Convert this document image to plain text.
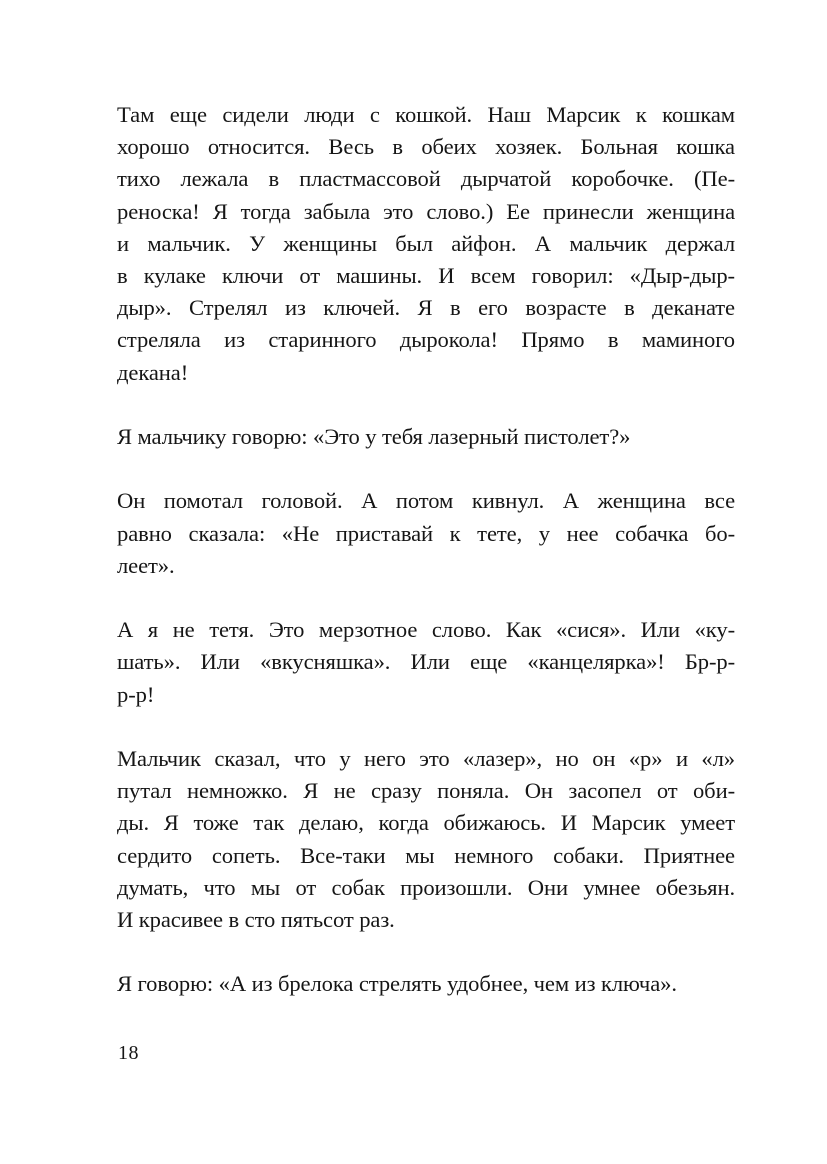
Там еще сидели люди с кошкой. Наш Марсик к кошкам
хорошо относится. Весь в обеих хозяек. Больная кошка
тихо лежала в пластмассовой дырчатой коробочке. (Пе-
реноска! Я тогда забыла это слово.) Ее принесли женщина
и мальчик. У женщины был айфон. А мальчик держал
в кулаке ключи от машины. И всем говорил: «Дыр-дыр-
дыр». Стрелял из ключей. Я в его возрасте в деканате
стреляла из старинного дырокола! Прямо в маминого
декана!
Я мальчику говорю: «Это у тебя лазерный пистолет?»
Он помотал головой. А потом кивнул. А женщина все
равно сказала: «Не приставай к тете, у нее собачка бо-
леет».
А я не тетя. Это мерзотное слово. Как «сися». Или «ку-
шать». Или «вкусняшка». Или еще «канцелярка»! Бр-р-
р-р!
Мальчик сказал, что у него это «лазер», но он «р» и «л»
путал немножко. Я не сразу поняла. Он засопел от оби-
ды. Я тоже так делаю, когда обижаюсь. И Марсик умеет
сердито сопеть. Все-таки мы немного собаки. Приятнее
думать, что мы от собак произошли. Они умнее обезьян.
И красивее в сто пятьсот раз.
Я говорю: «А из брелока стрелять удобнее, чем из ключа».
18
